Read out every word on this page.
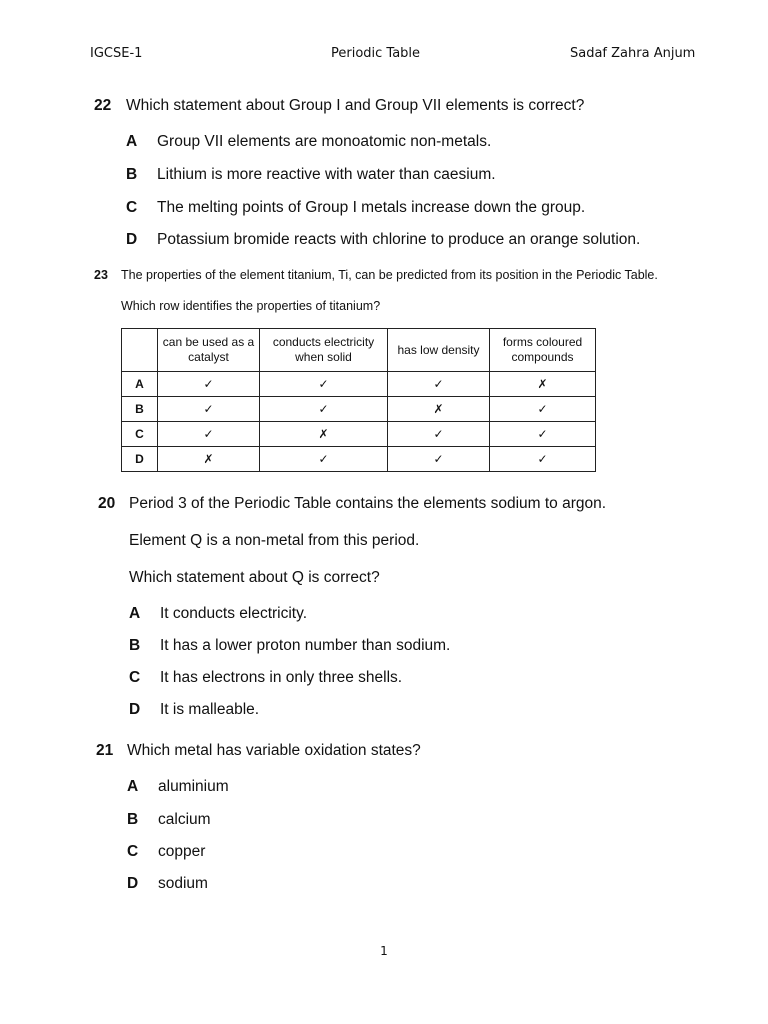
IGCSE-1	Periodic Table	Sadaf Zahra Anjum
22 Which statement about Group I and Group VII elements is correct?
A Group VII elements are monoatomic non-metals.
B Lithium is more reactive with water than caesium.
C The melting points of Group I metals increase down the group.
D Potassium bromide reacts with chlorine to produce an orange solution.
23 The properties of the element titanium, Ti, can be predicted from its position in the Periodic Table.
Which row identifies the properties of titanium?
	can be used as a catalyst	conducts electricity when solid	has low density	forms coloured compounds
A	✓	✓	✓	✗
B	✓	✓	✗	✓
C	✓	✗	✓	✓
D	✗	✓	✓	✓
20 Period 3 of the Periodic Table contains the elements sodium to argon.
Element Q is a non-metal from this period.
Which statement about Q is correct?
A It conducts electricity.
B It has a lower proton number than sodium.
C It has electrons in only three shells.
D It is malleable.
21 Which metal has variable oxidation states?
A aluminium
B calcium
C copper
D sodium
1
